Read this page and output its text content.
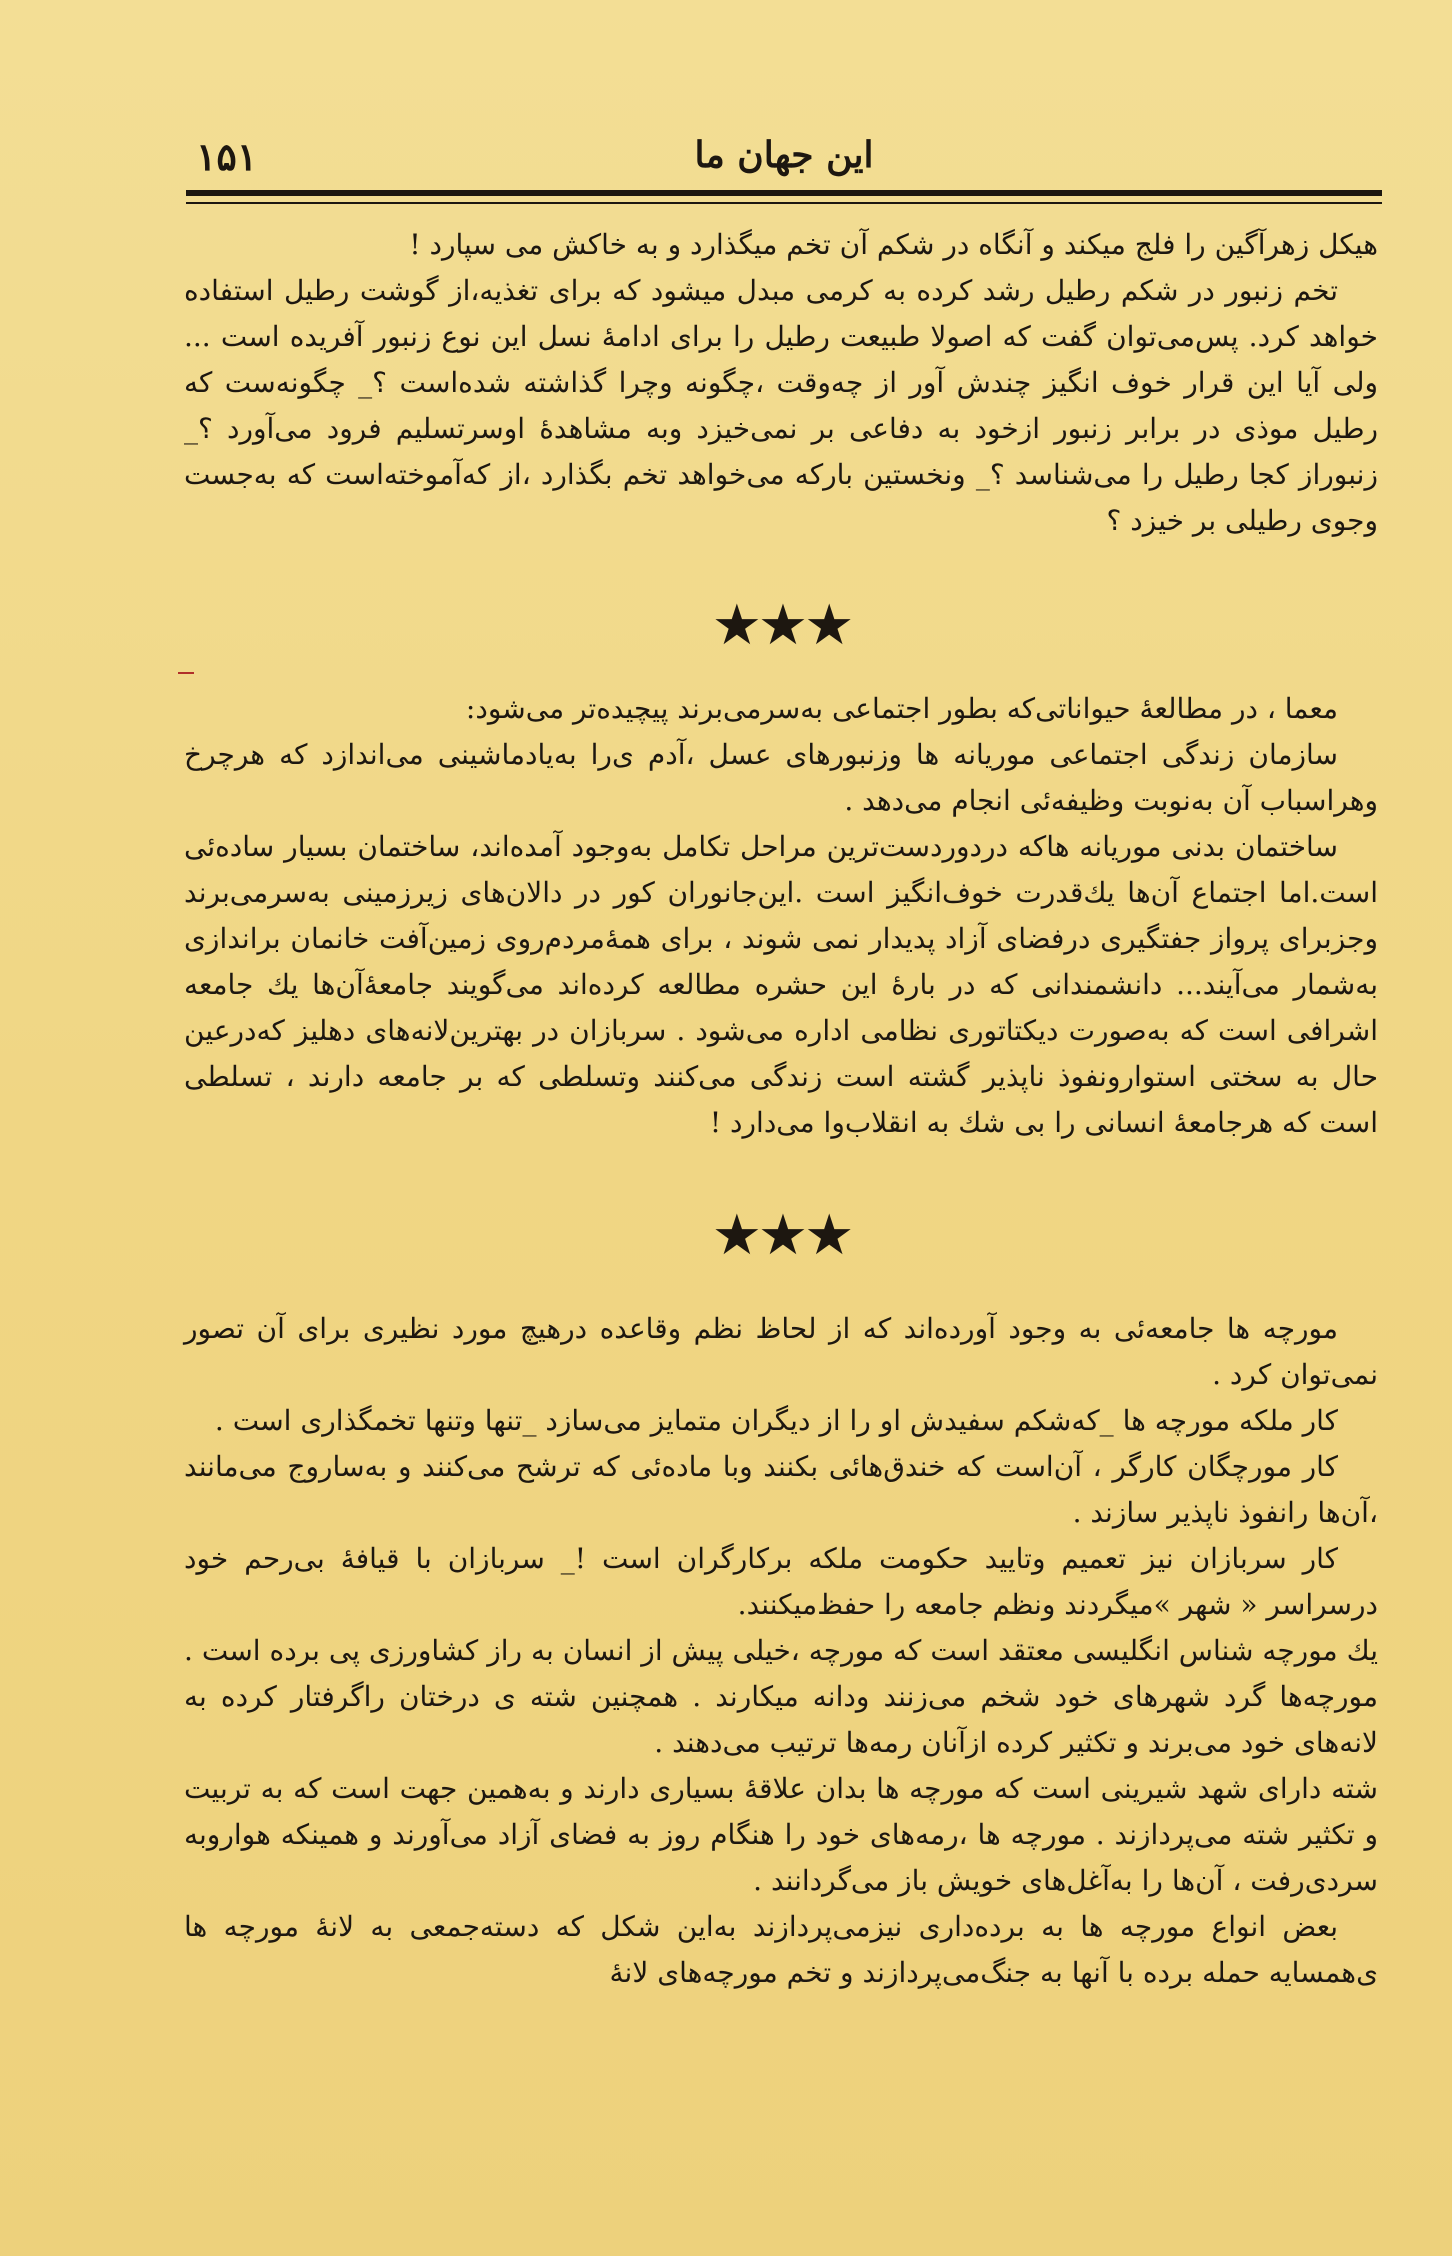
۱۵۱	این جهان ما

هیکل زهرآگین را فلج میکند و آنگاه در شکم آن تخم میگذارد و به خاکش می سپارد !

تخم زنبور در شکم رطیل رشد کرده به کرمی مبدل میشود که برای تغذیه،از گوشت رطیل استفاده خواهد کرد. پس‌می‌توان گفت که اصولا طبیعت رطیل را برای ادامهٔ نسل این نوع زنبور آفریده است ... ولی آیا این قرار خوف انگیز چندش آور از چه‌وقت ،چگونه وچرا گذاشته شده‌است ؟_ چگونه‌ست که رطیل موذی در برابر زنبور ازخود به دفاعی بر نمی‌خیزد وبه مشاهدهٔ اوسرتسلیم فرود می‌آورد ؟_ زنبوراز کجا رطیل را می‌شناسد ؟_ ونخستین بارکه می‌خواهد تخم بگذارد ،از که‌آموخته‌است که به‌جست وجوی رطیلی بر خیزد ؟

★★★

معما ، در مطالعهٔ حیواناتی‌که بطور اجتماعی به‌سرمی‌برند پیچیده‌تر می‌شود:

سازمان زندگی اجتماعی موریانه ها وزنبورهای عسل ،آدم ی‌را به‌یادماشینی می‌اندازد که هرچرخ وهراسباب آن به‌نوبت وظیفه‌ئی انجام می‌دهد .

ساختمان بدنی موریانه هاکه دردوردست‌ترین مراحل تکامل به‌وجود آمده‌اند، ساختمان بسیار ساده‌ئی است.اما اجتماع آن‌ها یك‌قدرت خوف‌انگیز است .این‌جانوران کور در دالان‌های زیرزمینی به‌سرمی‌برند وجزبرای پرواز جفتگیری درفضای آزاد پدیدار نمی شوند ، برای همهٔ‌مردم‌روی زمین‌آفت خانمان براندازی به‌شمار می‌آیند... دانشمندانی که در بارهٔ این حشره مطالعه کرده‌اند می‌گویند جامعهٔ‌آن‌ها یك جامعه اشرافی است که به‌صورت دیکتاتوری نظامی اداره می‌شود . سربازان در بهترین‌لانه‌های دهلیز که‌درعین حال به سختی استوارونفوذ ناپذیر گشته است زندگی می‌کنند وتسلطی که بر جامعه دارند ، تسلطی است که هرجامعهٔ انسانی را بی شك به انقلاب‌وا می‌دارد !

★★★

مورچه ها جامعه‌ئی به وجود آورده‌اند که از لحاظ نظم وقاعده درهیچ مورد نظیری برای آن تصور نمی‌توان کرد .

کار ملکه مورچه ها _که‌شکم سفیدش او را از دیگران متمایز می‌سازد _تنها وتنها تخمگذاری است .

کار مورچگان کارگر ، آن‌است که خندق‌هائی بکنند وبا ماده‌ئی که ترشح می‌کنند و به‌ساروج می‌مانند ،آن‌ها رانفوذ ناپذیر سازند .

کار سربازان نیز تعمیم وتایید حکومت ملکه برکارگران است !_ سربازان با قیافهٔ بی‌رحم خود درسراسر « شهر »میگردند ونظم جامعه را حفظ‌میکنند.

یك مورچه شناس انگلیسی معتقد است که مورچه ،خیلی پیش از انسان به راز کشاورزی پی برده است . مورچه‌ها گرد شهرهای خود شخم می‌زنند ودانه میکارند . همچنین شته ی درختان راگرفتار کرده به لانه‌های خود می‌برند و تکثیر کرده ازآنان رمه‌ها ترتیب می‌دهند .

شته دارای شهد شیرینی است که مورچه ها بدان علاقهٔ بسیاری دارند و به‌همین جهت است که به تربیت و تکثیر شته می‌پردازند . مورچه ها ،رمه‌های خود را هنگام روز به فضای آزاد می‌آورند و همینکه هواروبه سردی‌رفت ، آن‌ها را به‌آغل‌های خویش باز می‌گردانند .

بعض انواع مورچه ها به برده‌داری نیزمی‌پردازند به‌این شکل که دسته‌جمعی به لانهٔ مورچه ها ی‌همسایه حمله برده با آنها به جنگ‌می‌پردازند و تخم مورچه‌های لانهٔ
